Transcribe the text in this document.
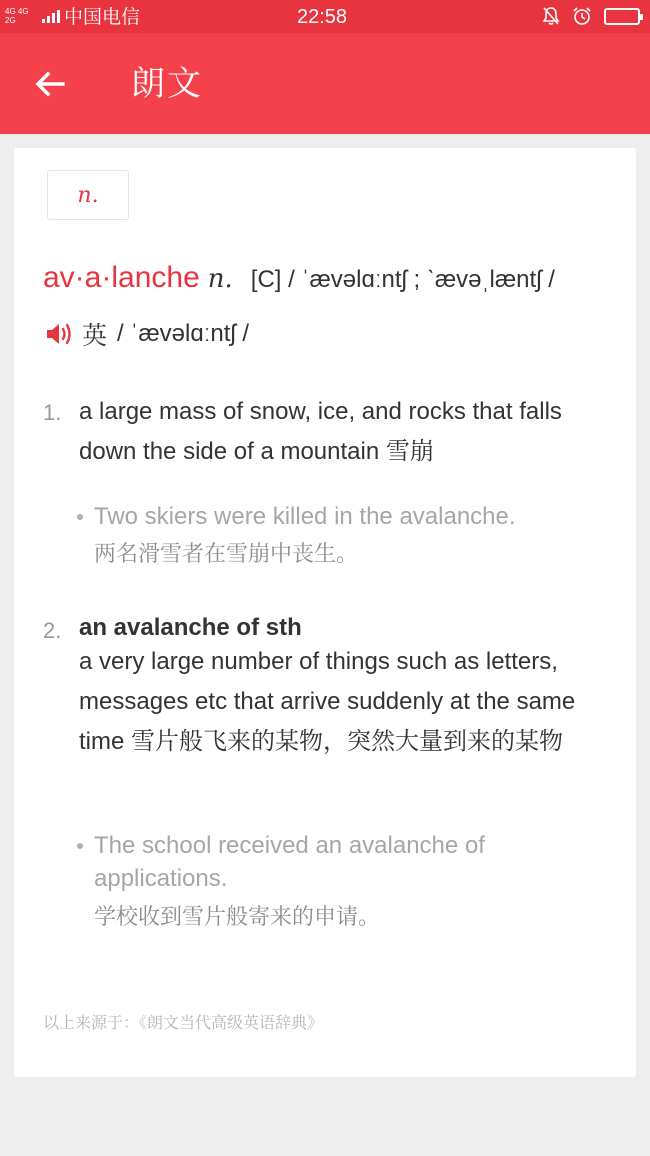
4G 4G
2G	中国电信	22:58
朗文
n.
av·a·lanche n. [C] / ˈævəlɑːntʃ ; ˋævəˌlæntʃ /
英 / ˈævəlɑːntʃ /
1. a large mass of snow, ice, and rocks that falls down the side of a mountain 雪崩
Two skiers were killed in the avalanche.
两名滑雪者在雪崩中丧生。
2. an avalanche of sth
a very large number of things such as letters, messages etc that arrive suddenly at the same time 雪片般飞来的某物，突然大量到来的某物
The school received an avalanche of applications.
学校收到雪片般寄来的申请。
以上来源于：《朗文当代高级英语辞典》
